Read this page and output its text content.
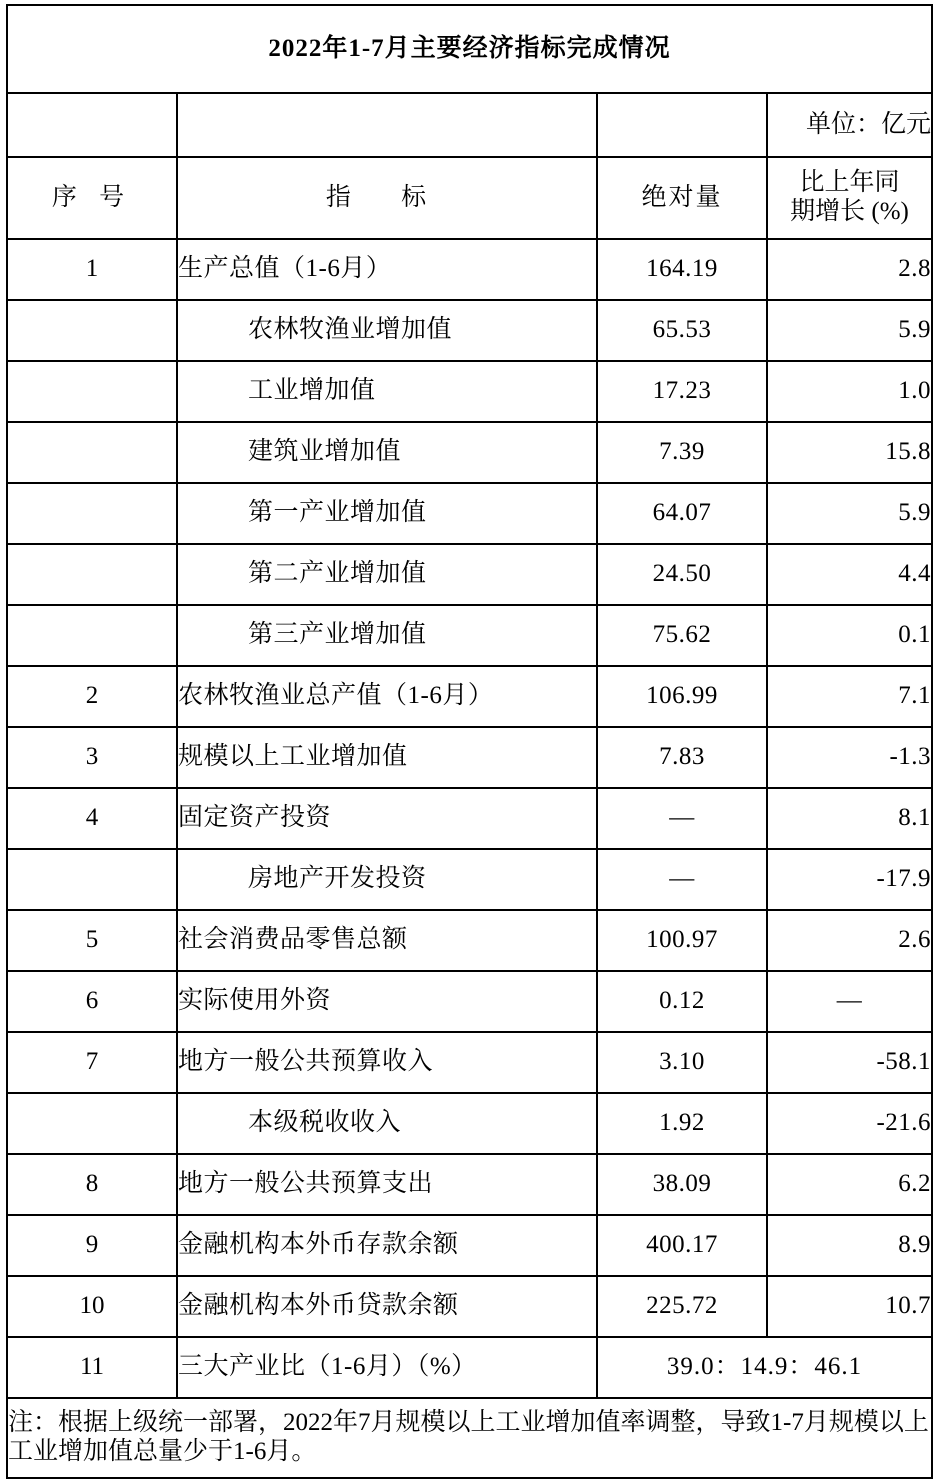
2022年1-7月主要经济指标完成情况			
			单位：亿元
序 号	指 标	绝对量	比上年同
期增长 (%)

1	生产总值（1-6月）	164.19	2.8
	农林牧渔业增加值	65.53	5.9
	工业增加值	17.23	1.0
	建筑业增加值	7.39	15.8
	第一产业增加值	64.07	5.9
	第二产业增加值	24.50	4.4
	第三产业增加值	75.62	0.1
2	农林牧渔业总产值（1-6月）	106.99	7.1
3	规模以上工业增加值	7.83	-1.3
4	固定资产投资	—	8.1
	房地产开发投资	—	-17.9
5	社会消费品零售总额	100.97	2.6
6	实际使用外资	0.12	—
7	地方一般公共预算收入	3.10	-58.1
	本级税收收入	1.92	-21.6
8	地方一般公共预算支出	38.09	6.2
9	金融机构本外币存款余额	400.17	8.9
10	金融机构本外币贷款余额	225.72	10.7
11	三大产业比（1-6月）（%）	39.0：14.9：46.1	
注：根据上级统一部署，2022年7月规模以上工业增加值率调整，导致1-7月规模以上工业增加值总量少于1-6月。			
